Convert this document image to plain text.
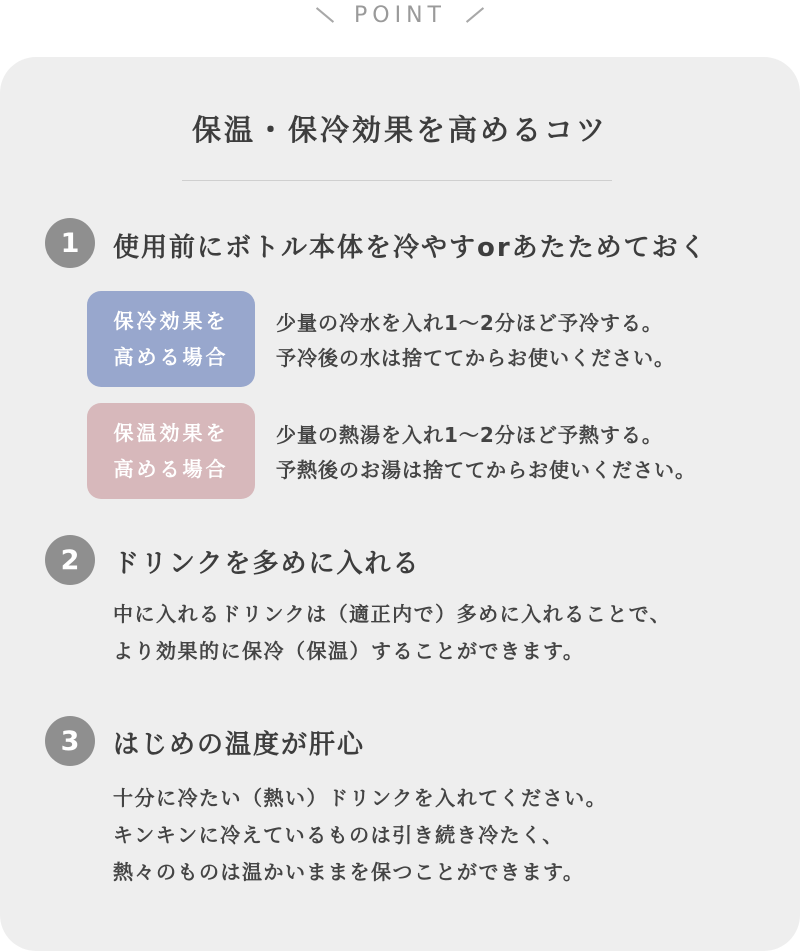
POINT
保温・保冷効果を高めるコツ
1	使用前にボトル本体を冷やすorあたためておく
保冷効果を
高める場合
少量の冷水を入れ1～2分ほど予冷する。
予冷後の水は捨ててからお使いください。
保温効果を
高める場合
少量の熱湯を入れ1～2分ほど予熱する。
予熱後のお湯は捨ててからお使いください。
2	ドリンクを多めに入れる
中に入れるドリンクは（適正内で）多めに入れることで、
より効果的に保冷（保温）することができます。
3	はじめの温度が肝心
十分に冷たい（熱い）ドリンクを入れてください。
キンキンに冷えているものは引き続き冷たく、
熱々のものは温かいままを保つことができます。
